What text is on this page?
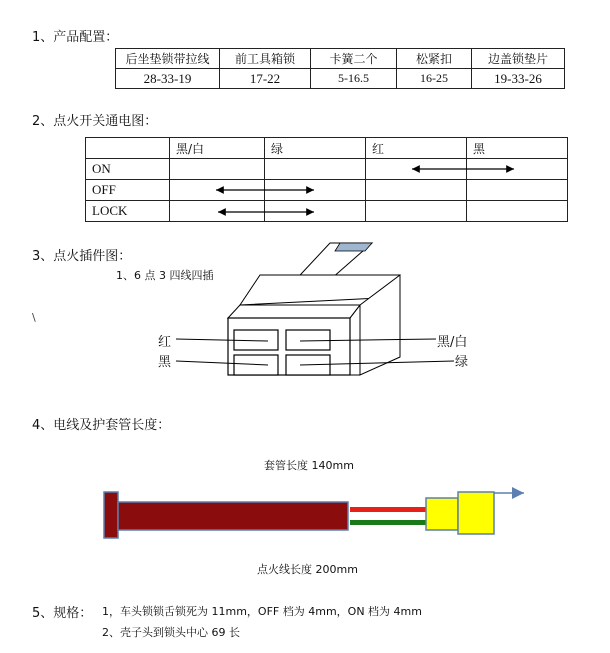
1、产品配置：
后坐垫锁带拉线	前工具箱锁	卡簧二个	松紧扣	边盖锁垫片
28-33-19	17-22	5-16.5	16-25	19-33-26
2、点火开关通电图：
	黑/白	绿	红	黑
ON				
OFF				
LOCK				
3、点火插件图：
1、6 点 3 四线四插
\
红
黑
黑/白
绿
4、电线及护套管长度：
套管长度 140mm
点火线长度 200mm
5、规格： 1，车头锁锁舌锁死为 11mm，OFF 档为 4mm，ON 档为 4mm
2、壳子头到锁头中心 69 长
